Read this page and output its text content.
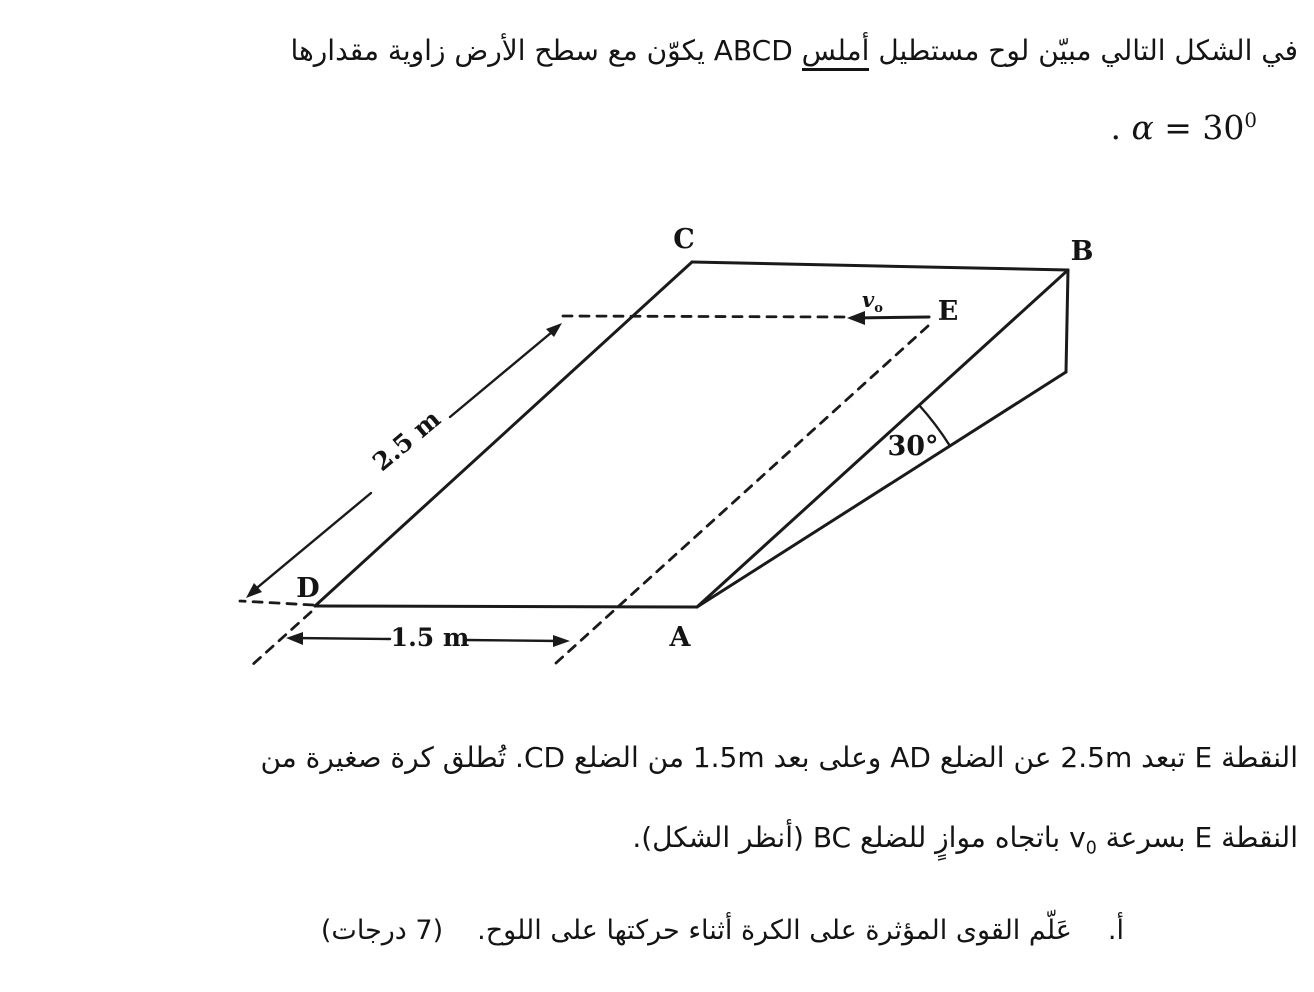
في الشكل التالي مبيّن لوح مستطيل أملس ABCD يكوّن مع سطح الأرض زاوية مقدارها
. $\alpha = 30^0$
30°
$v_o$
2.5 m
1.5 m
C	B
D
A
E
النقطة E تبعد 2.5m عن الضلع AD وعلى بعد 1.5m من الضلع CD. تُطلق كرة صغيرة من
النقطة E بسرعة $v_0$ باتجاه موازٍ للضلع BC (أنظر الشكل).
أ.عَلّم القوى المؤثرة على الكرة أثناء حركتها على اللوح.(7 درجات)
